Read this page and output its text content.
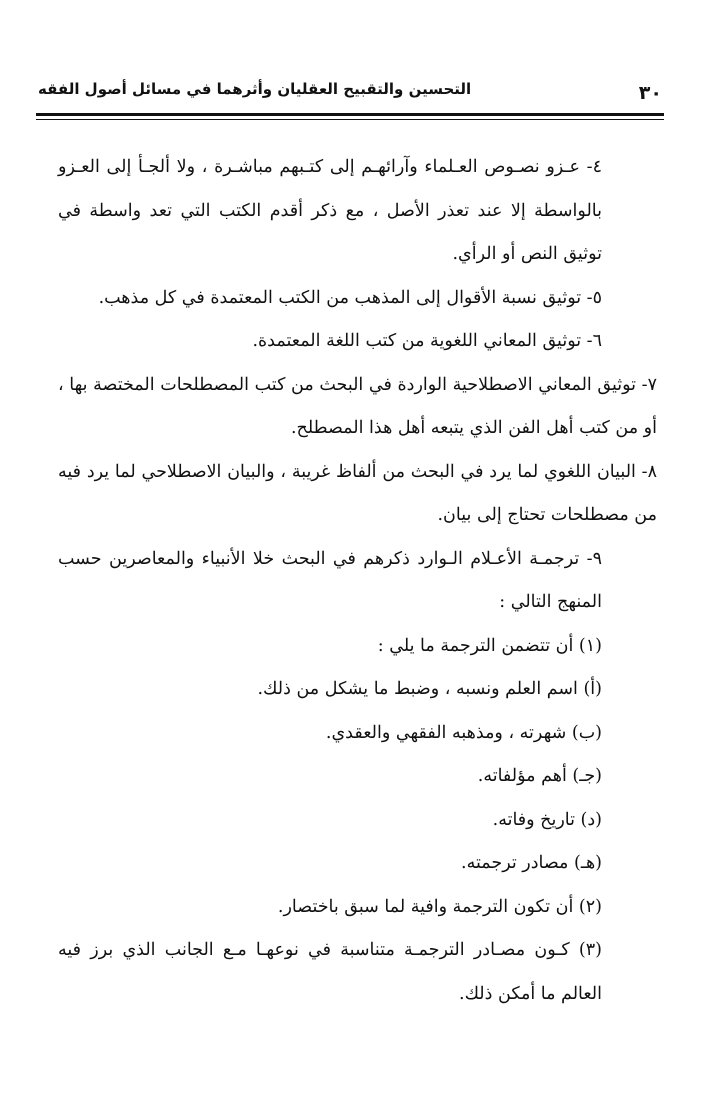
التحسين والتقبيح العقليان وأثرهما في مسائل أصول الفقه	٣٠

٤- عـزو نصـوص العـلماء وآرائهـم إلى كتـبهم مباشـرة ، ولا ألجـأ إلى العـزو بالواسطة إلا عند تعذر الأصل ، مع ذكر أقدم الكتب التي تعد واسطة في توثيق النص أو الرأي.

٥- توثيق نسبة الأقوال إلى المذهب من الكتب المعتمدة في كل مذهب.

٦- توثيق المعاني اللغوية من كتب اللغة المعتمدة.

٧- توثيق المعاني الاصطلاحية الواردة في البحث من كتب المصطلحات المختصة بها ، أو من كتب أهل الفن الذي يتبعه أهل هذا المصطلح.

٨- البيان اللغوي لما يرد في البحث من ألفاظ غريبة ، والبيان الاصطلاحي لما يرد فيه من مصطلحات تحتاج إلى بيان.

٩- ترجمـة الأعـلام الـوارد ذكرهم في البحث خلا الأنبياء والمعاصرين حسب المنهج التالي :

(١) أن تتضمن الترجمة ما يلي :

(أ) اسم العلم ونسبه ، وضبط ما يشكل من ذلك.

(ب) شهرته ، ومذهبه الفقهي والعقدي.

(جـ) أهم مؤلفاته.

(د) تاريخ وفاته.

(هـ) مصادر ترجمته.

(٢) أن تكون الترجمة وافية لما سبق باختصار.

(٣) كـون مصـادر الترجمـة متناسبة في نوعهـا مـع الجانب الذي برز فيه العالم ما أمكن ذلك.
